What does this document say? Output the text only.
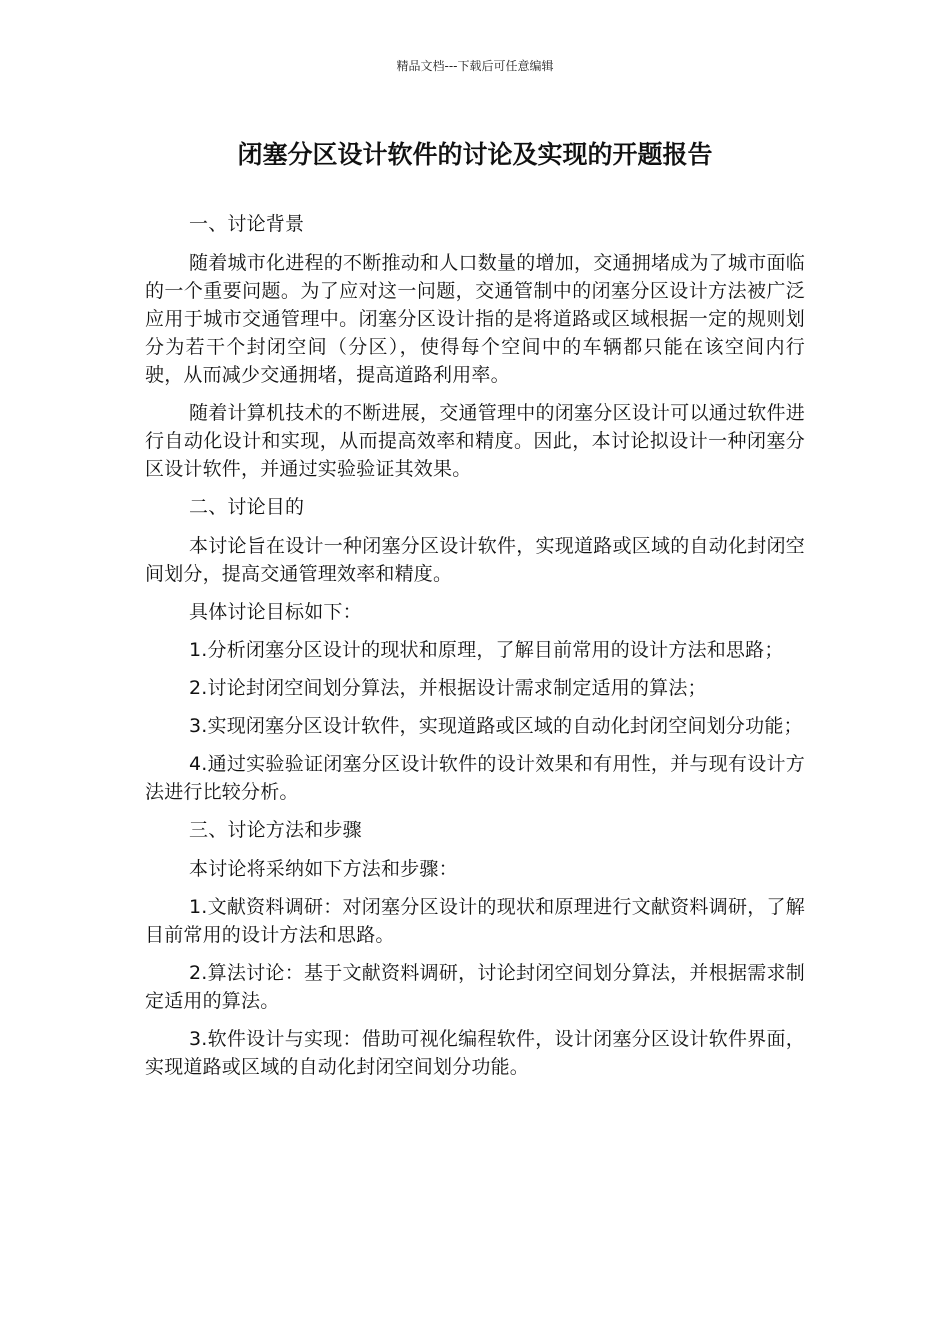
精品文档---下载后可任意编辑
闭塞分区设计软件的讨论及实现的开题报告

一、讨论背景

随着城市化进程的不断推动和人口数量的增加，交通拥堵成为了城市面临的一个重要问题。为了应对这一问题，交通管制中的闭塞分区设计方法被广泛应用于城市交通管理中。闭塞分区设计指的是将道路或区域根据一定的规则划分为若干个封闭空间（分区），使得每个空间中的车辆都只能在该空间内行驶，从而减少交通拥堵，提高道路利用率。

随着计算机技术的不断进展，交通管理中的闭塞分区设计可以通过软件进行自动化设计和实现，从而提高效率和精度。因此，本讨论拟设计一种闭塞分区设计软件，并通过实验验证其效果。

二、讨论目的

本讨论旨在设计一种闭塞分区设计软件，实现道路或区域的自动化封闭空间划分，提高交通管理效率和精度。

具体讨论目标如下：

1.分析闭塞分区设计的现状和原理，了解目前常用的设计方法和思路；

2.讨论封闭空间划分算法，并根据设计需求制定适用的算法；

3.实现闭塞分区设计软件，实现道路或区域的自动化封闭空间划分功能；

4.通过实验验证闭塞分区设计软件的设计效果和有用性，并与现有设计方法进行比较分析。

三、讨论方法和步骤

本讨论将采纳如下方法和步骤：

1.文献资料调研：对闭塞分区设计的现状和原理进行文献资料调研，了解目前常用的设计方法和思路。

2.算法讨论：基于文献资料调研，讨论封闭空间划分算法，并根据需求制定适用的算法。

3.软件设计与实现：借助可视化编程软件，设计闭塞分区设计软件界面，实现道路或区域的自动化封闭空间划分功能。
